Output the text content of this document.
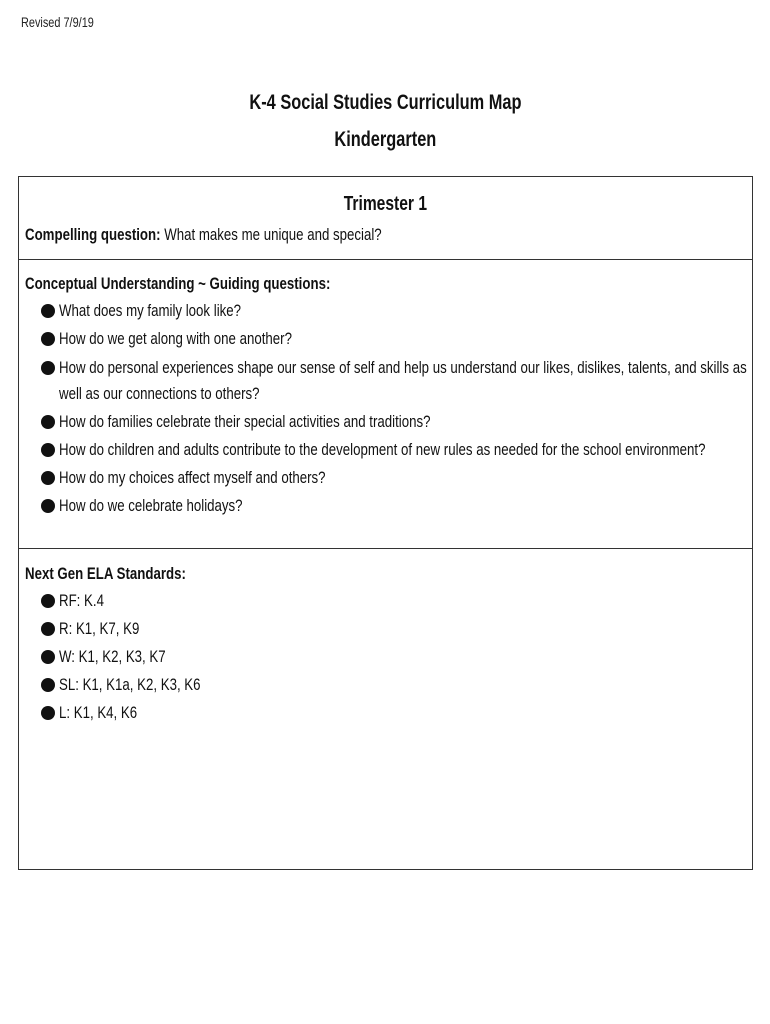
Revised 7/9/19
K-4 Social Studies Curriculum Map
Kindergarten
Trimester 1
Compelling question: What makes me unique and special?
Conceptual Understanding ~ Guiding questions:
What does my family look like?
How do we get along with one another?
How do personal experiences shape our sense of self and help us understand our likes, dislikes, talents, and skills as
well as our connections to others?
How do families celebrate their special activities and traditions?
How do children and adults contribute to the development of new rules as needed for the school environment?
How do my choices affect myself and others?
How do we celebrate holidays?
Next Gen ELA Standards:
RF: K.4
R: K1, K7, K9
W: K1, K2, K3, K7
SL: K1, K1a, K2, K3, K6
L: K1, K4, K6
